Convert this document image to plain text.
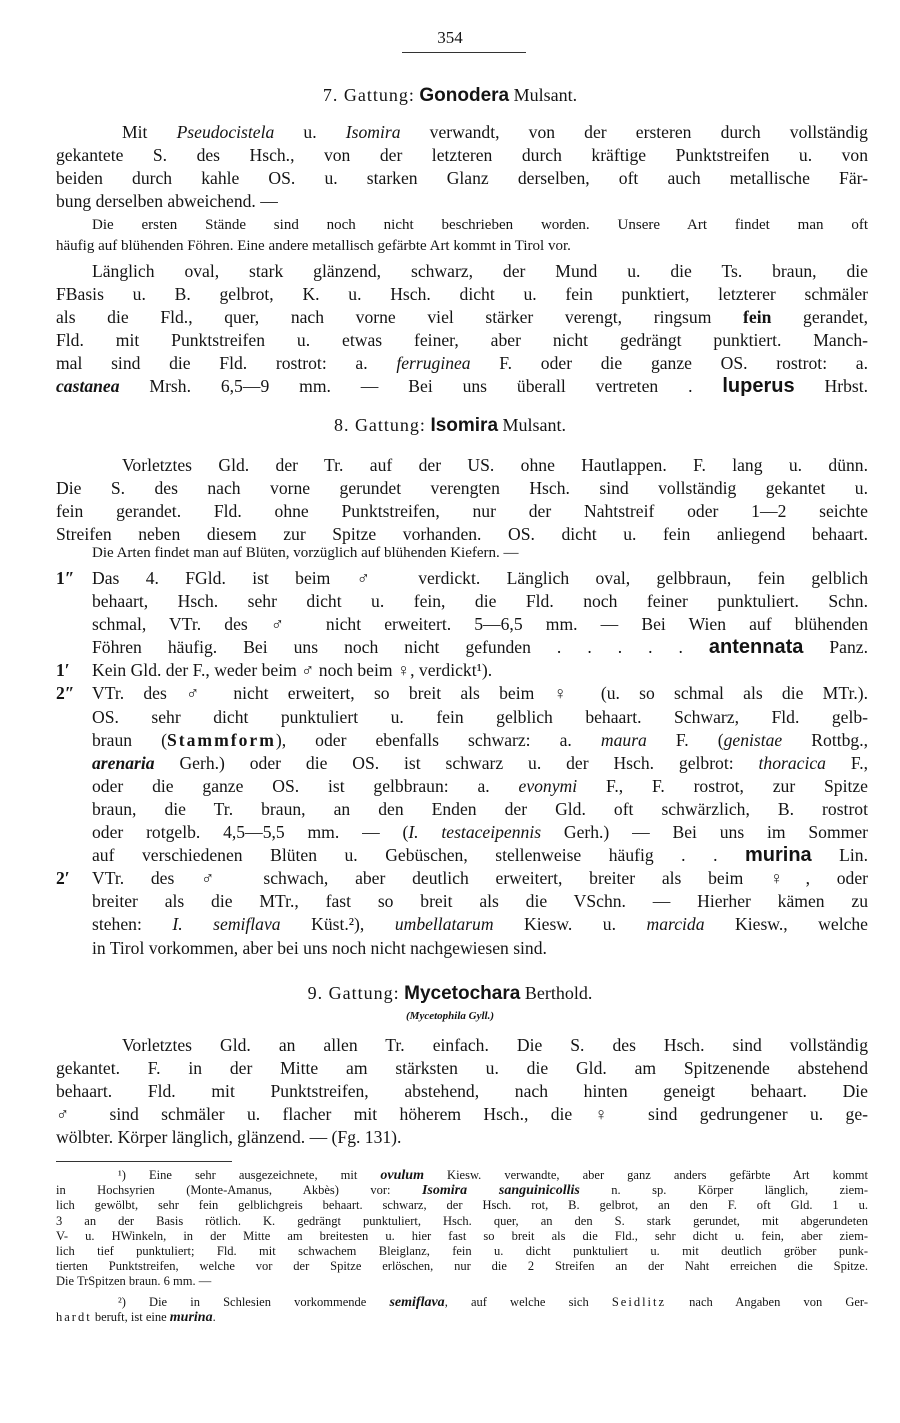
354
7. Gattung: Gonodera Mulsant.
Mit Pseudocistela u. Isomira verwandt, von der ersteren durch vollständig
gekantete S. des Hsch., von der letzteren durch kräftige Punktstreifen u. von
beiden durch kahle OS. u. starken Glanz derselben, oft auch metallische Fär-
bung derselben abweichend. —
Die ersten Stände sind noch nicht beschrieben worden. Unsere Art findet man oft
häufig auf blühenden Föhren. Eine andere metallisch gefärbte Art kommt in Tirol vor.
Länglich oval, stark glänzend, schwarz, der Mund u. die Ts. braun, die
FBasis u. B. gelbrot, K. u. Hsch. dicht u. fein punktiert, letzterer schmäler
als die Fld., quer, nach vorne viel stärker verengt, ringsum fein gerandet,
Fld. mit Punktstreifen u. etwas feiner, aber nicht gedrängt punktiert. Manch-
mal sind die Fld. rostrot: a. ferruginea F. oder die ganze OS. rostrot: a.
castanea Mrsh. 6,5—9 mm. — Bei uns überall vertreten . luperus Hrbst.
8. Gattung: Isomira Mulsant.
Vorletztes Gld. der Tr. auf der US. ohne Hautlappen. F. lang u. dünn.
Die S. des nach vorne gerundet verengten Hsch. sind vollständig gekantet u.
fein gerandet. Fld. ohne Punktstreifen, nur der Nahtstreif oder 1—2 seichte
Streifen neben diesem zur Spitze vorhanden. OS. dicht u. fein anliegend behaart.
Die Arten findet man auf Blüten, vorzüglich auf blühenden Kiefern. —
1″ Das 4. FGld. ist beim ♂ verdickt. Länglich oval, gelbbraun, fein gelblich
behaart, Hsch. sehr dicht u. fein, die Fld. noch feiner punktuliert. Schn.
schmal, VTr. des ♂ nicht erweitert. 5—6,5 mm. — Bei Wien auf blühenden
Föhren häufig. Bei uns noch nicht gefunden . . . . . antennata Panz.
1′ Kein Gld. der F., weder beim ♂ noch beim ♀, verdickt¹).
2″ VTr. des ♂ nicht erweitert, so breit als beim ♀ (u. so schmal als die MTr.).
OS. sehr dicht punktuliert u. fein gelblich behaart. Schwarz, Fld. gelb-
braun (Stammform), oder ebenfalls schwarz: a. maura F. (genistae Rottbg.,
arenaria Gerh.) oder die OS. ist schwarz u. der Hsch. gelbrot: thoracica F.,
oder die ganze OS. ist gelbbraun: a. evonymi F., F. rostrot, zur Spitze
braun, die Tr. braun, an den Enden der Gld. oft schwärzlich, B. rostrot
oder rotgelb. 4,5—5,5 mm. — (I. testaceipennis Gerh.) — Bei uns im Sommer
auf verschiedenen Blüten u. Gebüschen, stellenweise häufig . . murina Lin.
2′ VTr. des ♂ schwach, aber deutlich erweitert, breiter als beim ♀, oder
breiter als die MTr., fast so breit als die VSchn. — Hierher kämen zu
stehen: I. semiflava Küst.²), umbellatarum Kiesw. u. marcida Kiesw., welche
in Tirol vorkommen, aber bei uns noch nicht nachgewiesen sind.
9. Gattung: Mycetochara Berthold.
(Mycetophila Gyll.)
Vorletztes Gld. an allen Tr. einfach. Die S. des Hsch. sind vollständig
gekantet. F. in der Mitte am stärksten u. die Gld. am Spitzenende abstehend
behaart. Fld. mit Punktstreifen, abstehend, nach hinten geneigt behaart. Die
♂ sind schmäler u. flacher mit höherem Hsch., die ♀ sind gedrungener u. ge-
wölbter. Körper länglich, glänzend. — (Fg. 131).
¹) Eine sehr ausgezeichnete, mit ovulum Kiesw. verwandte, aber ganz anders gefärbte Art kommt
in Hochsyrien (Monte-Amanus, Akbès) vor: Isomira sanguinicollis n. sp. Körper länglich, ziem-
lich gewölbt, sehr fein gelblichgreis behaart. schwarz, der Hsch. rot, B. gelbrot, an den F. oft Gld. 1 u.
3 an der Basis rötlich. K. gedrängt punktuliert, Hsch. quer, an den S. stark gerundet, mit abgerundeten
V- u. HWinkeln, in der Mitte am breitesten u. hier fast so breit als die Fld., sehr dicht u. fein, aber ziem-
lich tief punktuliert; Fld. mit schwachem Bleiglanz, fein u. dicht punktuliert u. mit deutlich gröber punk-
tierten Punktstreifen, welche vor der Spitze erlöschen, nur die 2 Streifen an der Naht erreichen die Spitze.
Die TrSpitzen braun. 6 mm. —
²) Die in Schlesien vorkommende semiflava, auf welche sich Seidlitz nach Angaben von Ger-
hardt beruft, ist eine murina.
